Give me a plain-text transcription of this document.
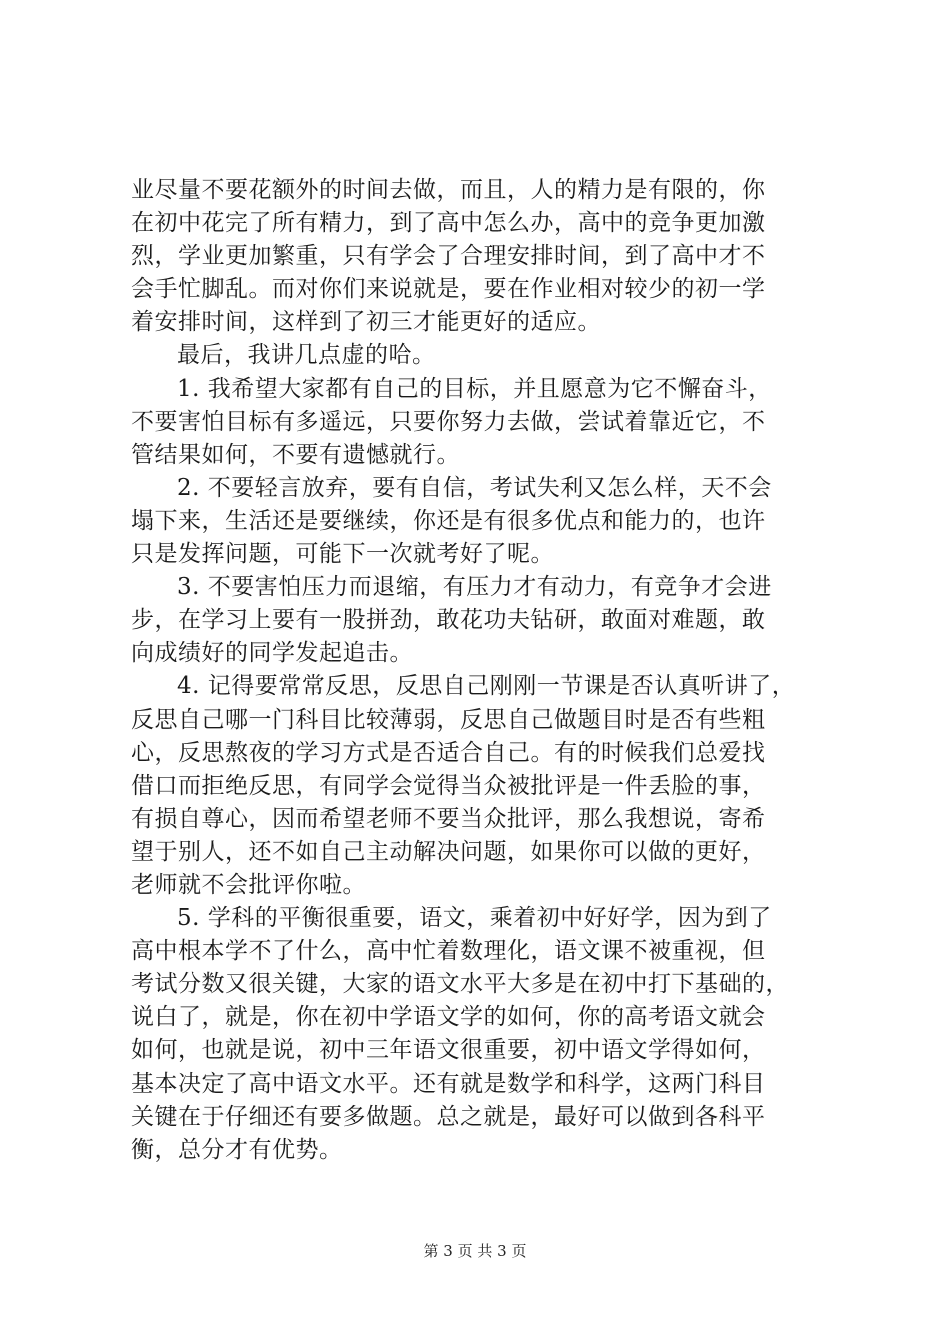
业尽量不要花额外的时间去做，而且，人的精力是有限的，你
在初中花完了所有精力，到了高中怎么办，高中的竞争更加激
烈，学业更加繁重，只有学会了合理安排时间，到了高中才不
会手忙脚乱。而对你们来说就是，要在作业相对较少的初一学
着安排时间，这样到了初三才能更好的适应。
最后，我讲几点虚的哈。
1. 我希望大家都有自己的目标，并且愿意为它不懈奋斗，
不要害怕目标有多遥远，只要你努力去做，尝试着靠近它，不
管结果如何，不要有遗憾就行。
2. 不要轻言放弃，要有自信，考试失利又怎么样，天不会
塌下来，生活还是要继续，你还是有很多优点和能力的，也许
只是发挥问题，可能下一次就考好了呢。
3. 不要害怕压力而退缩，有压力才有动力，有竞争才会进
步，在学习上要有一股拼劲，敢花功夫钻研，敢面对难题，敢
向成绩好的同学发起追击。
4. 记得要常常反思，反思自己刚刚一节课是否认真听讲了，
反思自己哪一门科目比较薄弱，反思自己做题目时是否有些粗
心，反思熬夜的学习方式是否适合自己。有的时候我们总爱找
借口而拒绝反思，有同学会觉得当众被批评是一件丢脸的事，
有损自尊心，因而希望老师不要当众批评，那么我想说，寄希
望于别人，还不如自己主动解决问题，如果你可以做的更好，
老师就不会批评你啦。
5. 学科的平衡很重要，语文，乘着初中好好学，因为到了
高中根本学不了什么，高中忙着数理化，语文课不被重视，但
考试分数又很关键，大家的语文水平大多是在初中打下基础的，
说白了，就是，你在初中学语文学的如何，你的高考语文就会
如何，也就是说，初中三年语文很重要，初中语文学得如何，
基本决定了高中语文水平。还有就是数学和科学，这两门科目
关键在于仔细还有要多做题。总之就是，最好可以做到各科平
衡，总分才有优势。
第 3 页 共 3 页
